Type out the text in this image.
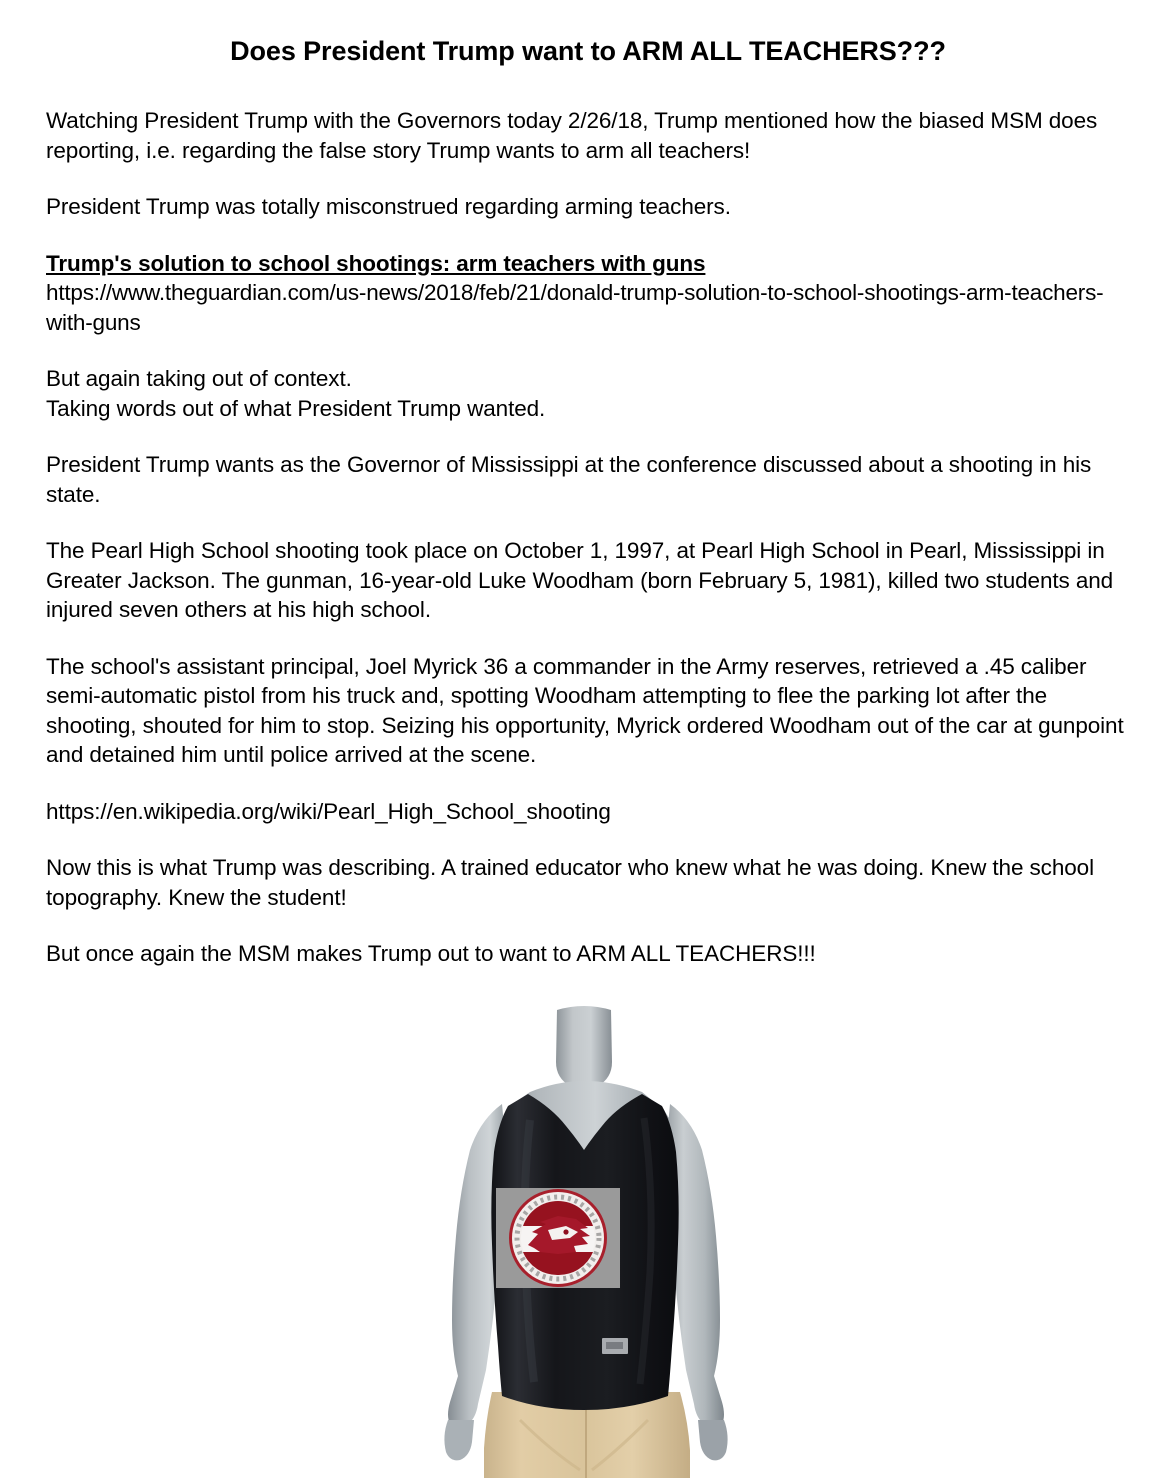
Does President Trump want to ARM ALL TEACHERS???

Watching President Trump with the Governors today 2/26/18, Trump mentioned how the biased MSM does reporting, i.e. regarding the false story Trump wants to arm all teachers!

President Trump was totally misconstrued regarding arming teachers.

Trump's solution to school shootings: arm teachers with guns

https://www.theguardian.com/us-news/2018/feb/21/donald-trump-solution-to-school-shootings-arm-teachers-with-guns

But again taking out of context.

Taking words out of what President Trump wanted.

President Trump wants as the Governor of Mississippi at the conference discussed about a shooting in his state.

The Pearl High School shooting took place on October 1, 1997, at Pearl High School in Pearl, Mississippi in Greater Jackson. The gunman, 16-year-old Luke Woodham (born February 5, 1981), killed two students and injured seven others at his high school.

The school's assistant principal, Joel Myrick 36 a commander in the Army reserves, retrieved a .45 caliber semi-automatic pistol from his truck and, spotting Woodham attempting to flee the parking lot after the shooting, shouted for him to stop. Seizing his opportunity, Myrick ordered Woodham out of the car at gunpoint and detained him until police arrived at the scene.

https://en.wikipedia.org/wiki/Pearl_High_School_shooting

Now this is what Trump was describing. A trained educator who knew what he was doing. Knew the school topography. Knew the student!

But once again the MSM makes Trump out to want to ARM ALL TEACHERS!!!
